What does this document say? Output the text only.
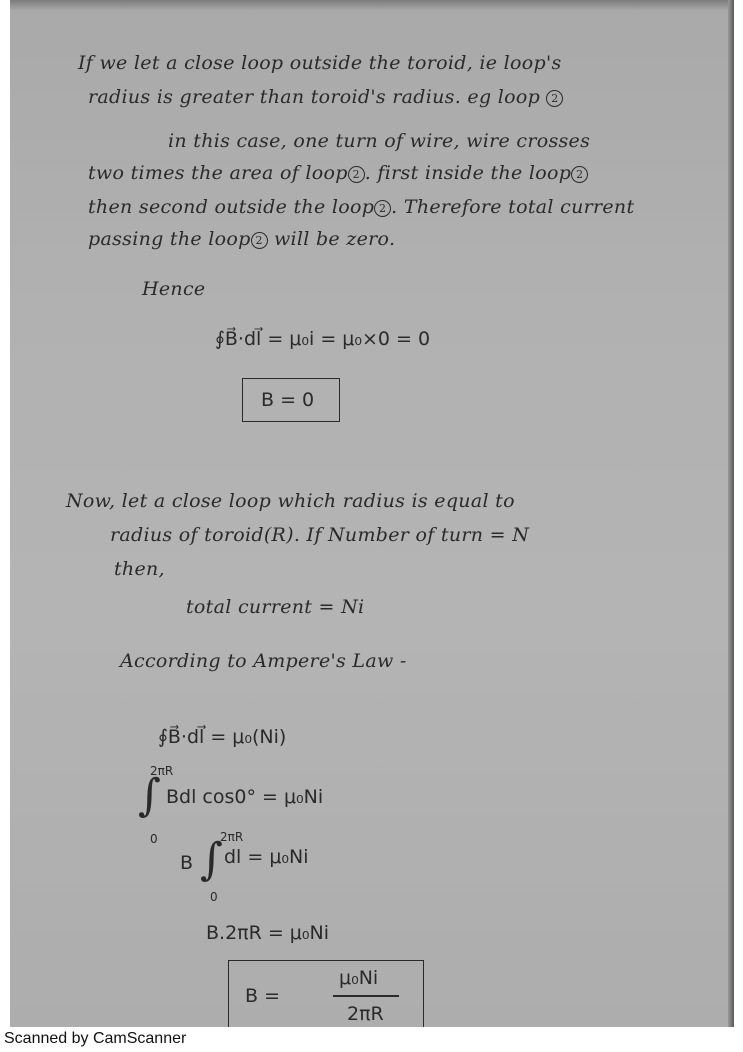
If we let a close loop outside the toroid, ie loop's
radius is greater than toroid's radius. eg loop 2
in this case, one turn of wire, wire crosses
two times the area of loop 2 . first inside the loop 2
then second outside the loop 2 . Therefore total current
passing the loop 2 will be zero.
Hence
∮B⃗·dl⃗ = μ₀i = μ₀×0 = 0
B = 0
Now, let a close loop which radius is equal to
radius of toroid(R). If Number of turn = N
then,
total current = Ni
According to Ampere's Law -
∮B⃗·dl⃗ = μ₀(Ni)
∫
2πR
0
Bdl cos0° = μ₀Ni
B ∫
2πR
0
dl = μ₀Ni
B.2πR = μ₀Ni
B =
μ₀Ni
2πR
Scanned by CamScanner
